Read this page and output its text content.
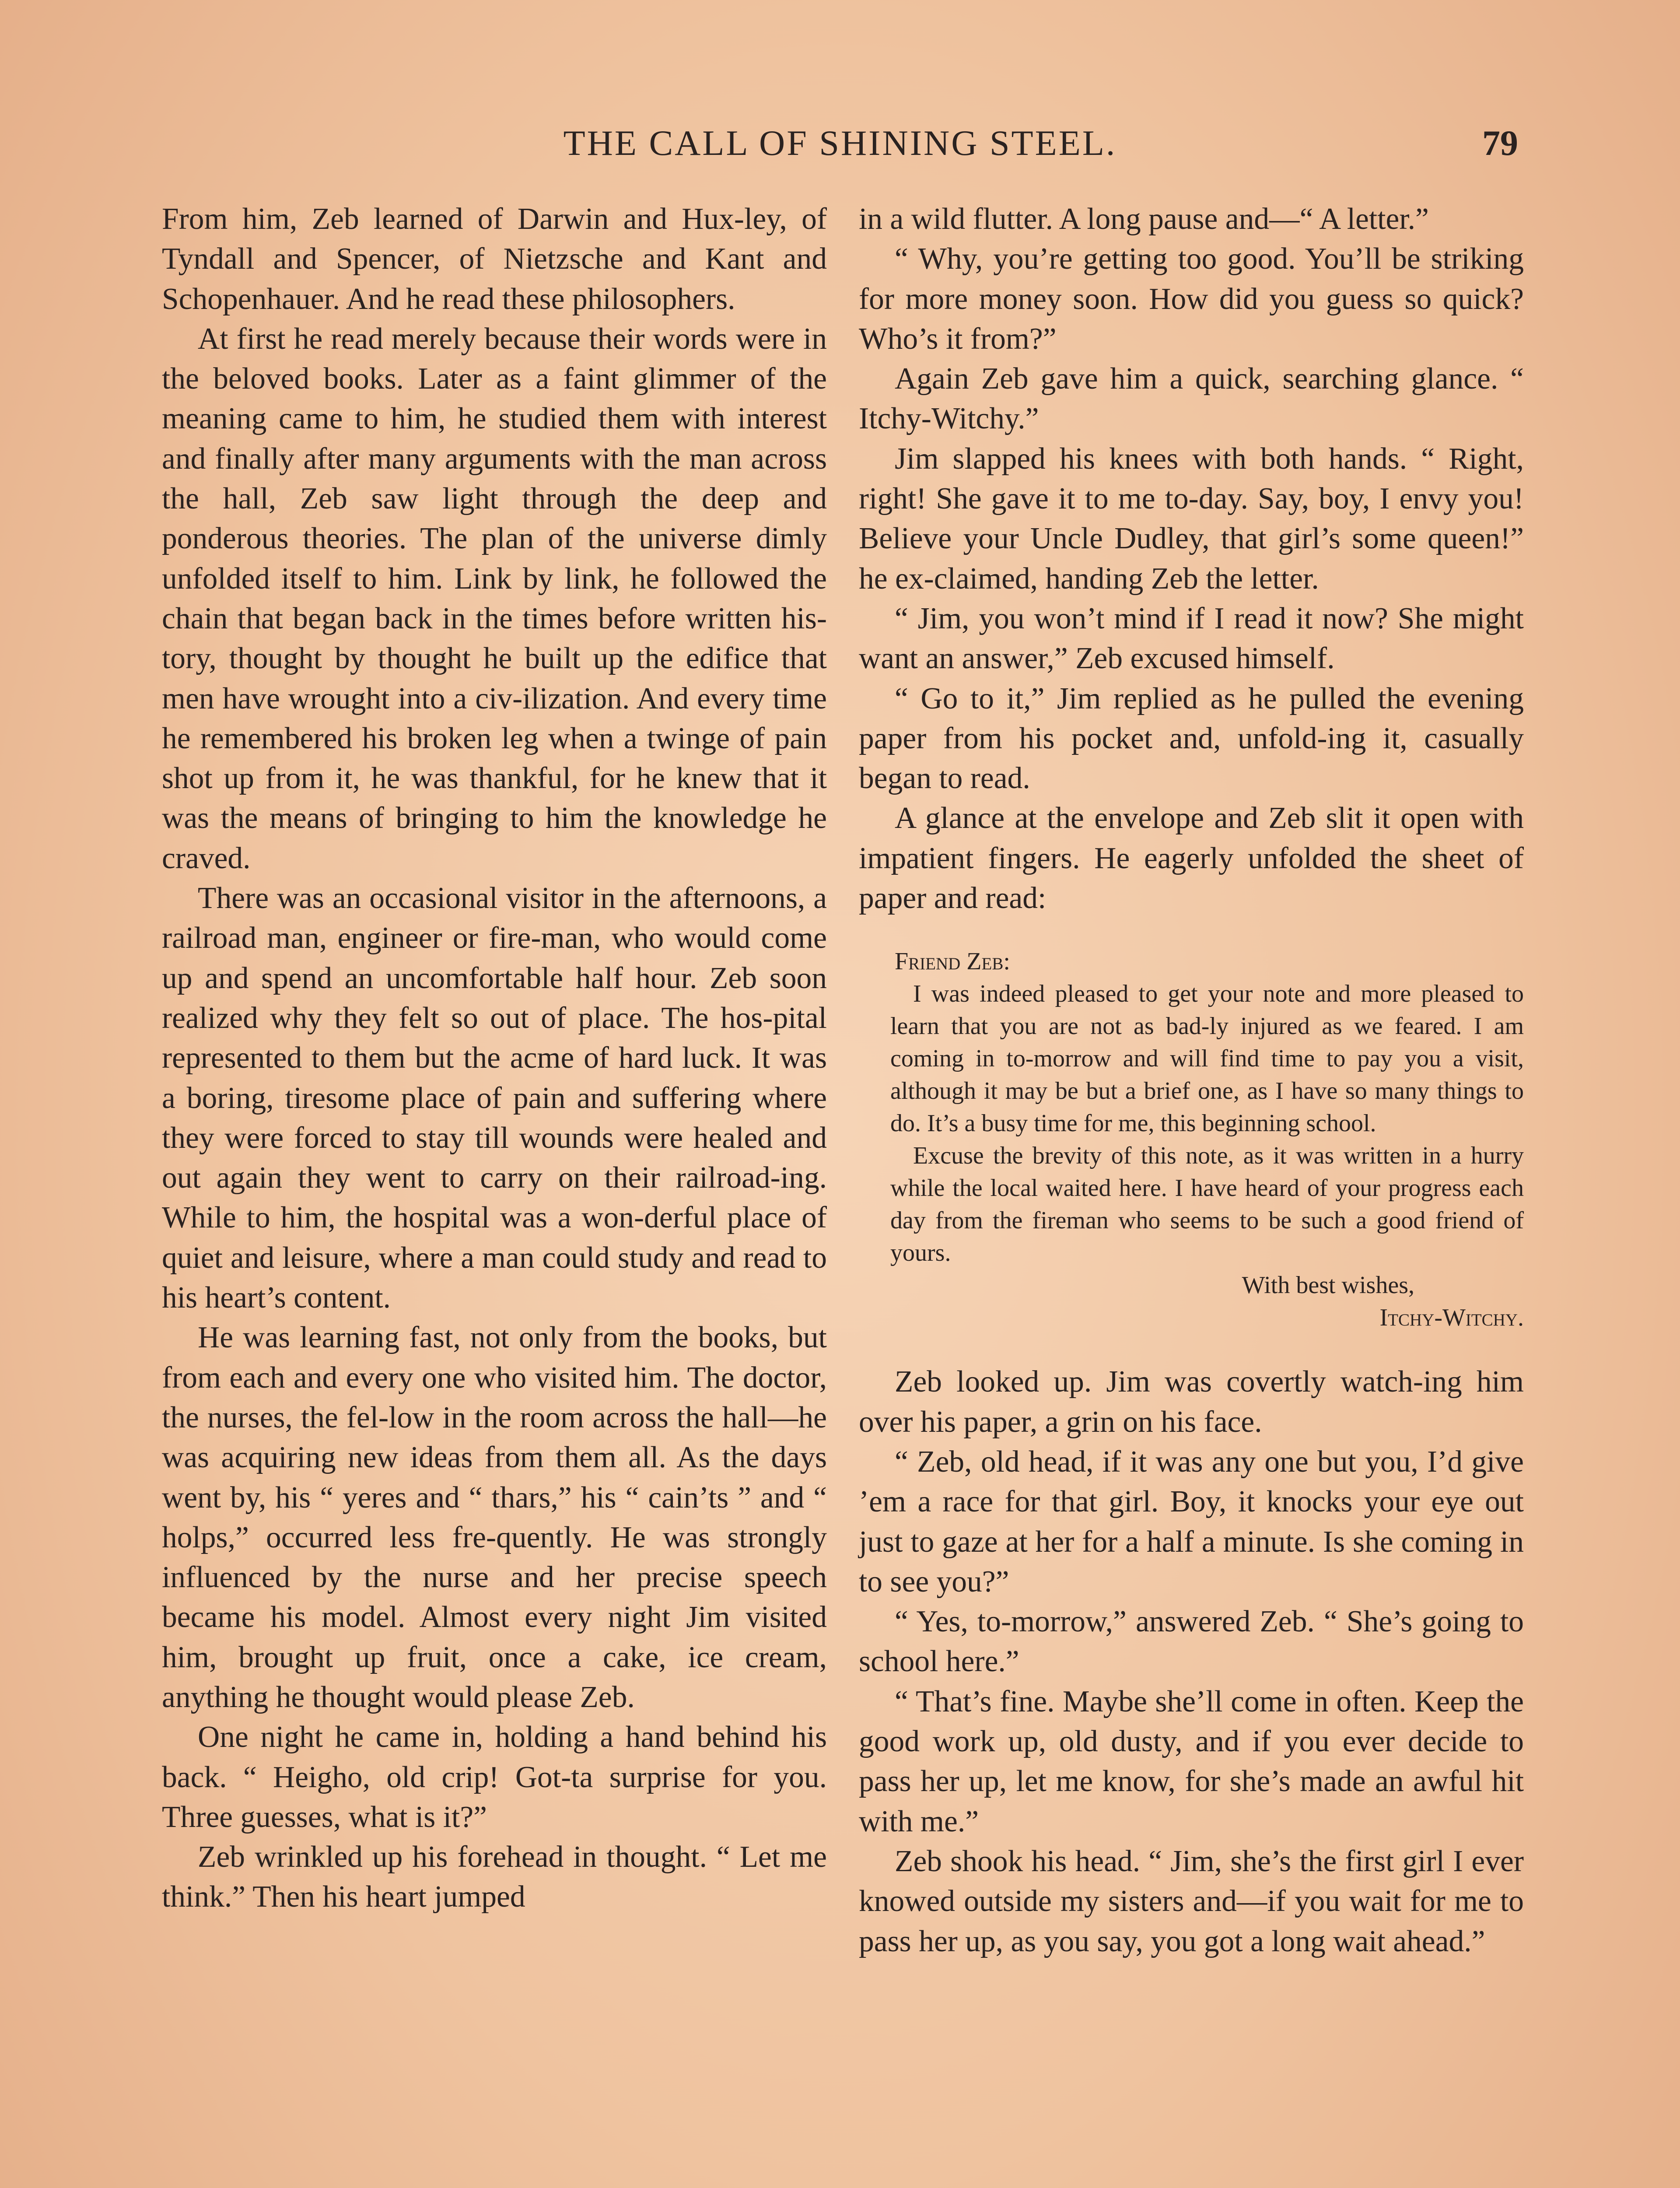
THE CALL OF SHINING STEEL.	79

From him, Zeb learned of Darwin and Hux-ley, of Tyndall and Spencer, of Nietzsche and Kant and Schopenhauer. And he read these philosophers.

At first he read merely because their words were in the beloved books. Later as a faint glimmer of the meaning came to him, he studied them with interest and finally after many arguments with the man across the hall, Zeb saw light through the deep and ponderous theories. The plan of the universe dimly unfolded itself to him. Link by link, he followed the chain that began back in the times before written his-tory, thought by thought he built up the edifice that men have wrought into a civ-ilization. And every time he remembered his broken leg when a twinge of pain shot up from it, he was thankful, for he knew that it was the means of bringing to him the knowledge he craved.

There was an occasional visitor in the afternoons, a railroad man, engineer or fire-man, who would come up and spend an uncomfortable half hour. Zeb soon realized why they felt so out of place. The hos-pital represented to them but the acme of hard luck. It was a boring, tiresome place of pain and suffering where they were forced to stay till wounds were healed and out again they went to carry on their railroad-ing. While to him, the hospital was a won-derful place of quiet and leisure, where a man could study and read to his heart’s content.

He was learning fast, not only from the books, but from each and every one who visited him. The doctor, the nurses, the fel-low in the room across the hall—he was acquiring new ideas from them all. As the days went by, his “ yeres and “ thars,” his “ cain’ts ” and “ holps,” occurred less fre-quently. He was strongly influenced by the nurse and her precise speech became his model. Almost every night Jim visited him, brought up fruit, once a cake, ice cream, anything he thought would please Zeb.

One night he came in, holding a hand behind his back. “ Heigho, old crip! Got-ta surprise for you. Three guesses, what is it?”

Zeb wrinkled up his forehead in thought. “ Let me think.” Then his heart jumped

in a wild flutter. A long pause and—“ A letter.”

“ Why, you’re getting too good. You’ll be striking for more money soon. How did you guess so quick? Who’s it from?”

Again Zeb gave him a quick, searching glance. “ Itchy-Witchy.”

Jim slapped his knees with both hands. “ Right, right! She gave it to me to-day. Say, boy, I envy you! Believe your Uncle Dudley, that girl’s some queen!” he ex-claimed, handing Zeb the letter.

“ Jim, you won’t mind if I read it now? She might want an answer,” Zeb excused himself.

“ Go to it,” Jim replied as he pulled the evening paper from his pocket and, unfold-ing it, casually began to read.

A glance at the envelope and Zeb slit it open with impatient fingers. He eagerly unfolded the sheet of paper and read:

Friend Zeb:

I was indeed pleased to get your note and more pleased to learn that you are not as bad-ly injured as we feared. I am coming in to-morrow and will find time to pay you a visit, although it may be but a brief one, as I have so many things to do. It’s a busy time for me, this beginning school.

Excuse the brevity of this note, as it was written in a hurry while the local waited here. I have heard of your progress each day from the fireman who seems to be such a good friend of yours.

With best wishes,

Itchy-Witchy.

Zeb looked up. Jim was covertly watch-ing him over his paper, a grin on his face.

“ Zeb, old head, if it was any one but you, I’d give ’em a race for that girl. Boy, it knocks your eye out just to gaze at her for a half a minute. Is she coming in to see you?”

“ Yes, to-morrow,” answered Zeb. “ She’s going to school here.”

“ That’s fine. Maybe she’ll come in often. Keep the good work up, old dusty, and if you ever decide to pass her up, let me know, for she’s made an awful hit with me.”

Zeb shook his head. “ Jim, she’s the first girl I ever knowed outside my sisters and—if you wait for me to pass her up, as you say, you got a long wait ahead.”
